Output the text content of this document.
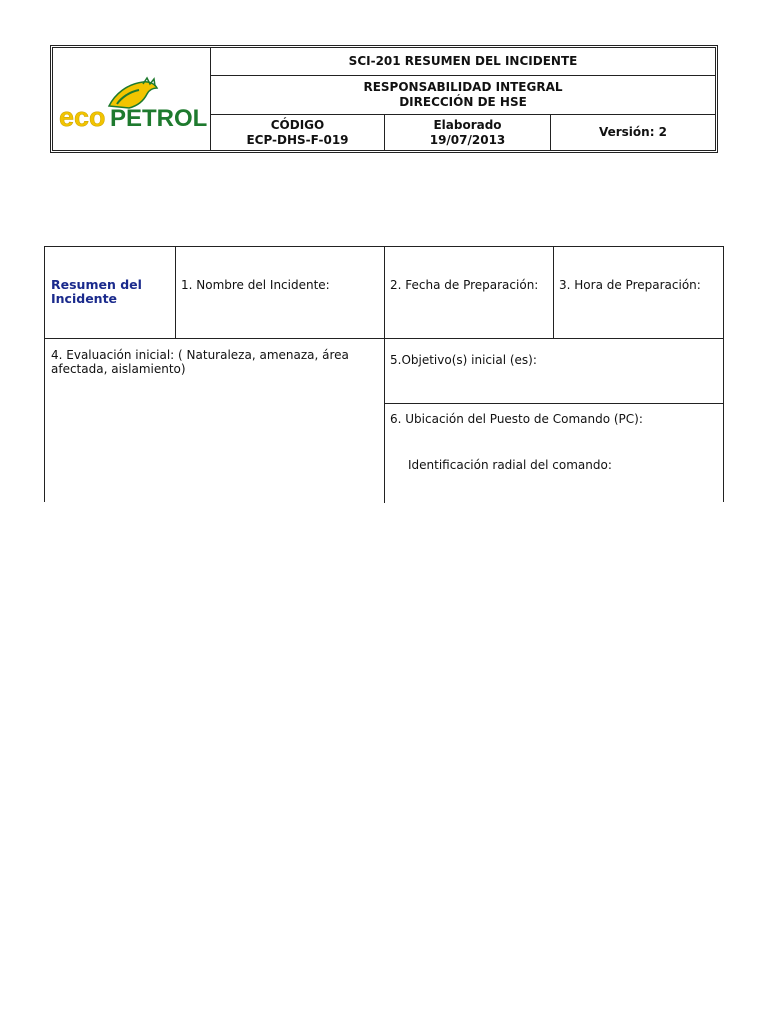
eco PETROL
SCI-201 RESUMEN DEL INCIDENTE
RESPONSABILIDAD INTEGRAL
DIRECCIÓN DE HSE
CÓDIGO
ECP-DHS-F-019
Elaborado
19/07/2013
Versión: 2
Resumen del Incidente
1. Nombre del Incidente:	2. Fecha de Preparación:	3. Hora de Preparación:
4. Evaluación inicial: ( Naturaleza, amenaza, área afectada, aislamiento)
5.Objetivo(s) inicial (es):
6. Ubicación del Puesto de Comando (PC):
Identificación radial del comando:
